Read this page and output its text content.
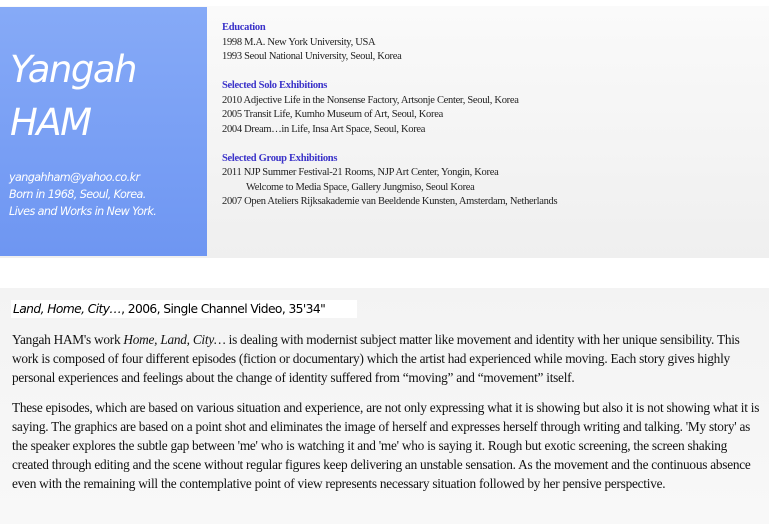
Yangah
HAM
yangahham@yahoo.co.kr
Born in 1968, Seoul, Korea.
Lives and Works in New York.
Education
1998 M.A. New York University, USA
1993 Seoul National University, Seoul, Korea
Selected Solo Exhibitions
2010 Adjective Life in the Nonsense Factory, Artsonje Center, Seoul, Korea
2005 Transit Life, Kumho Museum of Art, Seoul, Korea
2004 Dream…in Life, Insa Art Space, Seoul, Korea
Selected Group Exhibitions
2011 NJP Summer Festival-21 Rooms, NJP Art Center, Yongin, Korea
Welcome to Media Space, Gallery Jungmiso, Seoul Korea
2007 Open Ateliers Rijksakademie van Beeldende Kunsten, Amsterdam, Netherlands
Land, Home, City…, 2006, Single Channel Video, 35'34"

Yangah HAM's work Home, Land, City… is dealing with modernist subject matter like movement and identity with her unique sensibility. This work is composed of four different episodes (fiction or documentary) which the artist had experienced while moving. Each story gives highly personal experiences and feelings about the change of identity suffered from “moving” and “movement” itself.

These episodes, which are based on various situation and experience, are not only expressing what it is showing but also it is not showing what it is saying. The graphics are based on a point shot and eliminates the image of herself and expresses herself through writing and talking. 'My story' as the speaker explores the subtle gap between 'me' who is watching it and 'me' who is saying it. Rough but exotic screening, the screen shaking created through editing and the scene without regular figures keep delivering an unstable sensation. As the movement and the continuous absence even with the remaining will the contemplative point of view represents necessary situation followed by her pensive perspective.
